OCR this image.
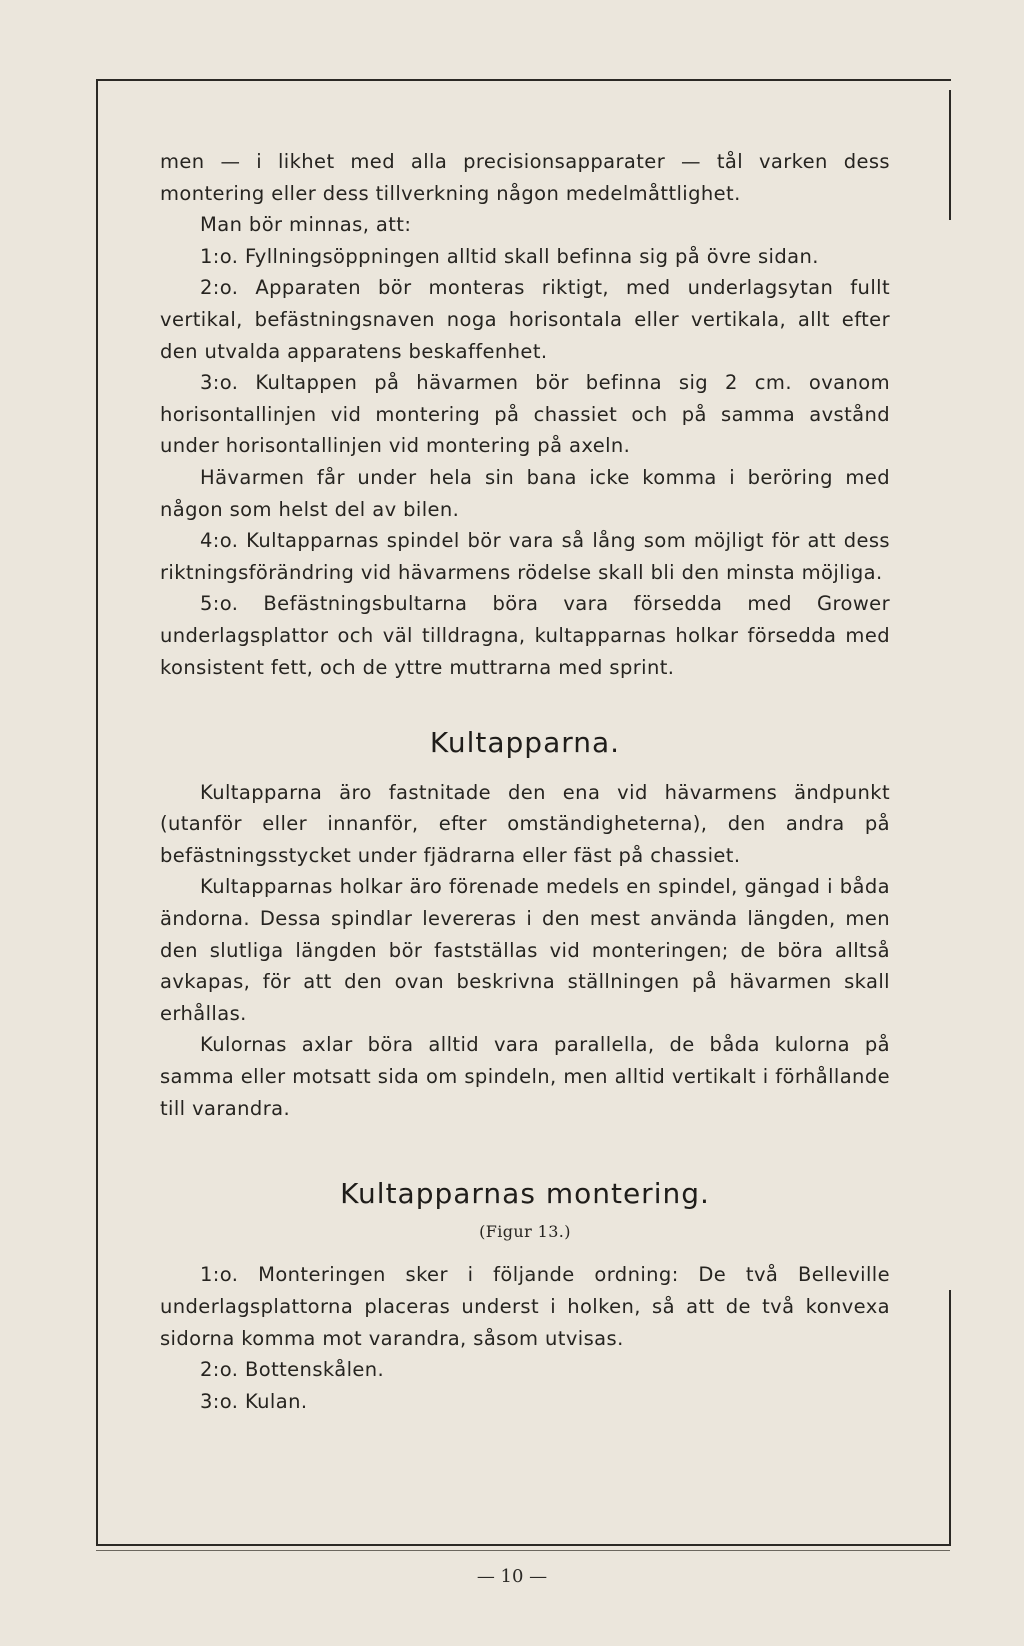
men — i likhet med alla precisionsapparater — tål varken dess montering eller dess tillverkning någon medelmåttlighet.

Man bör minnas, att:

1:o. Fyllningsöppningen alltid skall befinna sig på övre sidan.

2:o. Apparaten bör monteras riktigt, med underlagsytan fullt vertikal, befästningsnaven noga horisontala eller vertikala, allt efter den utvalda apparatens beskaffenhet.

3:o. Kultappen på hävarmen bör befinna sig 2 cm. ovanom horisontallinjen vid montering på chassiet och på samma avstånd under horisontallinjen vid montering på axeln.

Hävarmen får under hela sin bana icke komma i beröring med någon som helst del av bilen.

4:o. Kultapparnas spindel bör vara så lång som möjligt för att dess riktningsförändring vid hävarmens rödelse skall bli den minsta möjliga.

5:o. Befästningsbultarna böra vara försedda med Grower underlagsplattor och väl tilldragna, kultapparnas holkar försedda med konsistent fett, och de yttre muttrarna med sprint.

Kultapparna.

Kultapparna äro fastnitade den ena vid hävarmens ändpunkt (utanför eller innanför, efter omständigheterna), den andra på befästningsstycket under fjädrarna eller fäst på chassiet.

Kultapparnas holkar äro förenade medels en spindel, gängad i båda ändorna. Dessa spindlar levereras i den mest använda längden, men den slutliga längden bör fastställas vid monteringen; de böra alltså avkapas, för att den ovan beskrivna ställningen på hävarmen skall erhållas.

Kulornas axlar böra alltid vara parallella, de båda kulorna på samma eller motsatt sida om spindeln, men alltid vertikalt i förhållande till varandra.

Kultapparnas montering.
(Figur 13.)

1:o. Monteringen sker i följande ordning: De två Belleville underlagsplattorna placeras underst i holken, så att de två konvexa sidorna komma mot varandra, såsom utvisas.

2:o. Bottenskålen.

3:o. Kulan.

— 10 —
